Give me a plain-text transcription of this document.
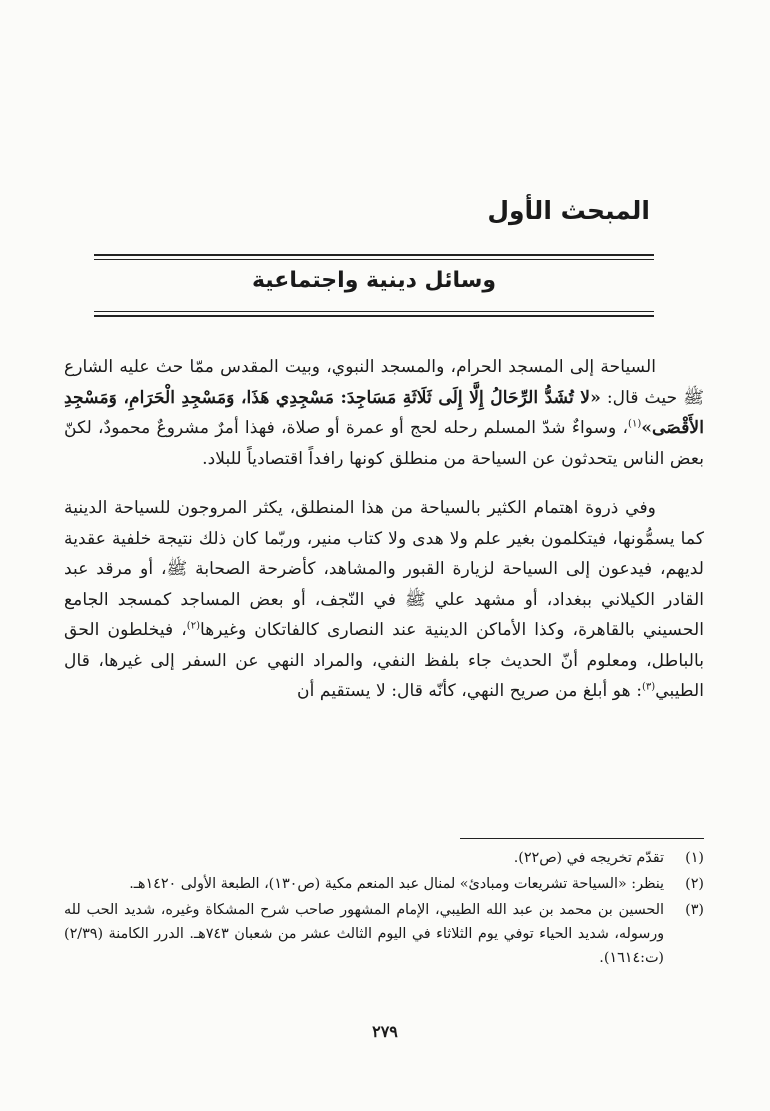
المبحث الأول
وسائل دينية واجتماعية

السياحة إلى المسجد الحرام، والمسجد النبوي، وبيت المقدس ممّا حث عليه الشارع ﷺ حيث قال: «لا تُشَدُّ الرِّحَالُ إِلَّا إِلَى ثَلَاثَةِ مَسَاجِدَ: مَسْجِدِي هَذَا، وَمَسْجِدِ الْحَرَامِ، وَمَسْجِدِ الأَقْصَى»$^{(١)}$، وسواءٌ شدّ المسلم رحله لحج أو عمرة أو صلاة، فهذا أمرٌ مشروعٌ محمودٌ، لكنّ بعض الناس يتحدثون عن السياحة من منطلق كونها رافداً اقتصادياً للبلاد.

وفي ذروة اهتمام الكثير بالسياحة من هذا المنطلق، يكثر المروجون للسياحة الدينية كما يسمُّونها، فيتكلمون بغير علم ولا هدى ولا كتاب منير، وربّما كان ذلك نتيجة خلفية عقدية لديهم، فيدعون إلى السياحة لزيارة القبور والمشاهد، كأضرحة الصحابة ﷺ، أو مرقد عبد القادر الكيلاني ببغداد، أو مشهد علي ﷺ في النّجف، أو بعض المساجد كمسجد الجامع الحسيني بالقاهرة، وكذا الأماكن الدينية عند النصارى كالفاتكان وغيرها$^{(٢)}$، فيخلطون الحق بالباطل، ومعلوم أنّ الحديث جاء بلفظ النفي، والمراد النهي عن السفر إلى غيرها، قال الطيبي$^{(٣)}$: هو أبلغ من صريح النهي، كأنّه قال: لا يستقيم أن

(١)
تقدّم تخريجه في (ص٢٢).
(٢)
ينظر: «السياحة تشريعات ومبادئ» لمنال عبد المنعم مكية (ص١٣٠)، الطبعة الأولى ١٤٢٠هـ.
(٣)
الحسين بن محمد بن عبد الله الطيبي، الإمام المشهور صاحب شرح المشكاة وغيره، شديد الحب لله ورسوله، شديد الحياء توفي يوم الثلاثاء في اليوم الثالث عشر من شعبان ٧٤٣هـ. الدرر الكامنة (٢/٣٩) (ت:١٦١٤).
٢٧٩
